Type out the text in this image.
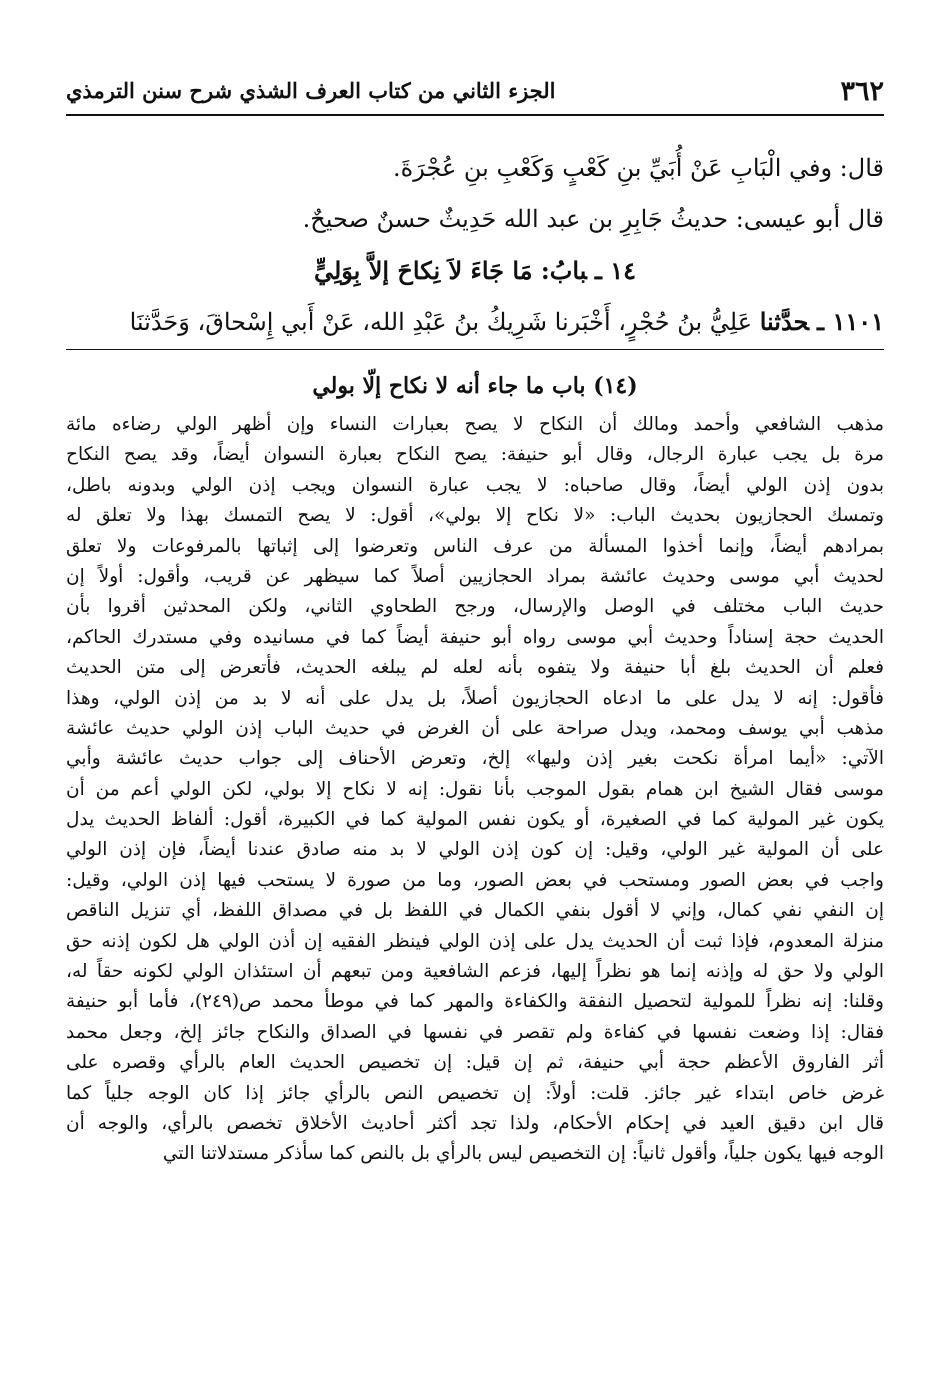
٣٦٢
الجزء الثاني من كتاب العرف الشذي شرح سنن الترمذي
قال: وفي الْبَابِ عَنْ أُبَيِّ بنِ كَعْبٍ وَكَعْبِ بنِ عُجْرَةَ.
قال أبو عيسى: حديثُ جَابِرِ بن عبد الله حَدِيثٌ حسنٌ صحيحٌ.
١٤ ـبابُ: مَا جَاءَ لاَ نِكاحَ إلاَّ بِوَلِيٍّ
١١٠١ ـحدَّثنا عَلِيُّ بنُ حُجْرٍ، أَخْبَرنا شَرِيكُ بنُ عَبْدِ الله، عَنْ أَبي إِسْحاقَ، وَحَدَّثنَا
(١٤) باب ما جاء أنه لا نكاح إلّا بولي
مذهب الشافعي وأحمد ومالك أن النكاح لا يصح بعبارات النساء وإن أظهر الولي رضاءه مائة
مرة بل يجب عبارة الرجال، وقال أبو حنيفة: يصح النكاح بعبارة النسوان أيضاً، وقد يصح النكاح
بدون إذن الولي أيضاً، وقال صاحباه: لا يجب عبارة النسوان ويجب إذن الولي وبدونه باطل،
وتمسك الحجازيون بحديث الباب: «لا نكاح إلا بولي»، أقول: لا يصح التمسك بهذا ولا تعلق له
بمرادهم أيضاً، وإنما أخذوا المسألة من عرف الناس وتعرضوا إلى إثباتها بالمرفوعات ولا تعلق
لحديث أبي موسى وحديث عائشة بمراد الحجازيين أصلاً كما سيظهر عن قريب، وأقول: أولاً إن
حديث الباب مختلف في الوصل والإرسال، ورجح الطحاوي الثاني، ولكن المحدثين أقروا بأن
الحديث حجة إسناداً وحديث أبي موسى رواه أبو حنيفة أيضاً كما في مسانيده وفي مستدرك الحاكم،
فعلم أن الحديث بلغ أبا حنيفة ولا يتفوه بأنه لعله لم يبلغه الحديث، فأتعرض إلى متن الحديث
فأقول: إنه لا يدل على ما ادعاه الحجازيون أصلاً، بل يدل على أنه لا بد من إذن الولي، وهذا
مذهب أبي يوسف ومحمد، ويدل صراحة على أن الغرض في حديث الباب إذن الولي حديث عائشة
الآتي: «أيما امرأة نكحت بغير إذن وليها» إلخ، وتعرض الأحناف إلى جواب حديث عائشة وأبي
موسى فقال الشيخ ابن همام بقول الموجب بأنا نقول: إنه لا نكاح إلا بولي، لكن الولي أعم من أن
يكون غير المولية كما في الصغيرة، أو يكون نفس المولية كما في الكبيرة، أقول: ألفاظ الحديث يدل
على أن المولية غير الولي، وقيل: إن كون إذن الولي لا بد منه صادق عندنا أيضاً، فإن إذن الولي
واجب في بعض الصور ومستحب في بعض الصور، وما من صورة لا يستحب فيها إذن الولي، وقيل:
إن النفي نفي كمال، وإني لا أقول بنفي الكمال في اللفظ بل في مصداق اللفظ، أي تنزيل الناقص
منزلة المعدوم، فإذا ثبت أن الحديث يدل على إذن الولي فينظر الفقيه إن أذن الولي هل لكون إذنه حق
الولي ولا حق له وإذنه إنما هو نظراً إليها، فزعم الشافعية ومن تبعهم أن استئذان الولي لكونه حقاً له،
وقلنا: إنه نظراً للمولية لتحصيل النفقة والكفاءة والمهر كما في موطأ محمد ص(٢٤٩)، فأما أبو حنيفة
فقال: إذا وضعت نفسها في كفاءة ولم تقصر في نفسها في الصداق والنكاح جائز إلخ، وجعل محمد
أثر الفاروق الأعظم حجة أبي حنيفة، ثم إن قيل: إن تخصيص الحديث العام بالرأي وقصره على
غرض خاص ابتداء غير جائز. قلت: أولاً: إن تخصيص النص بالرأي جائز إذا كان الوجه جلياً كما
قال ابن دقيق العيد في إحكام الأحكام، ولذا تجد أكثر أحاديث الأخلاق تخصص بالرأي، والوجه أن
الوجه فيها يكون جلياً، وأقول ثانياً: إن التخصيص ليس بالرأي بل بالنص كما سأذكر مستدلاتنا التي
